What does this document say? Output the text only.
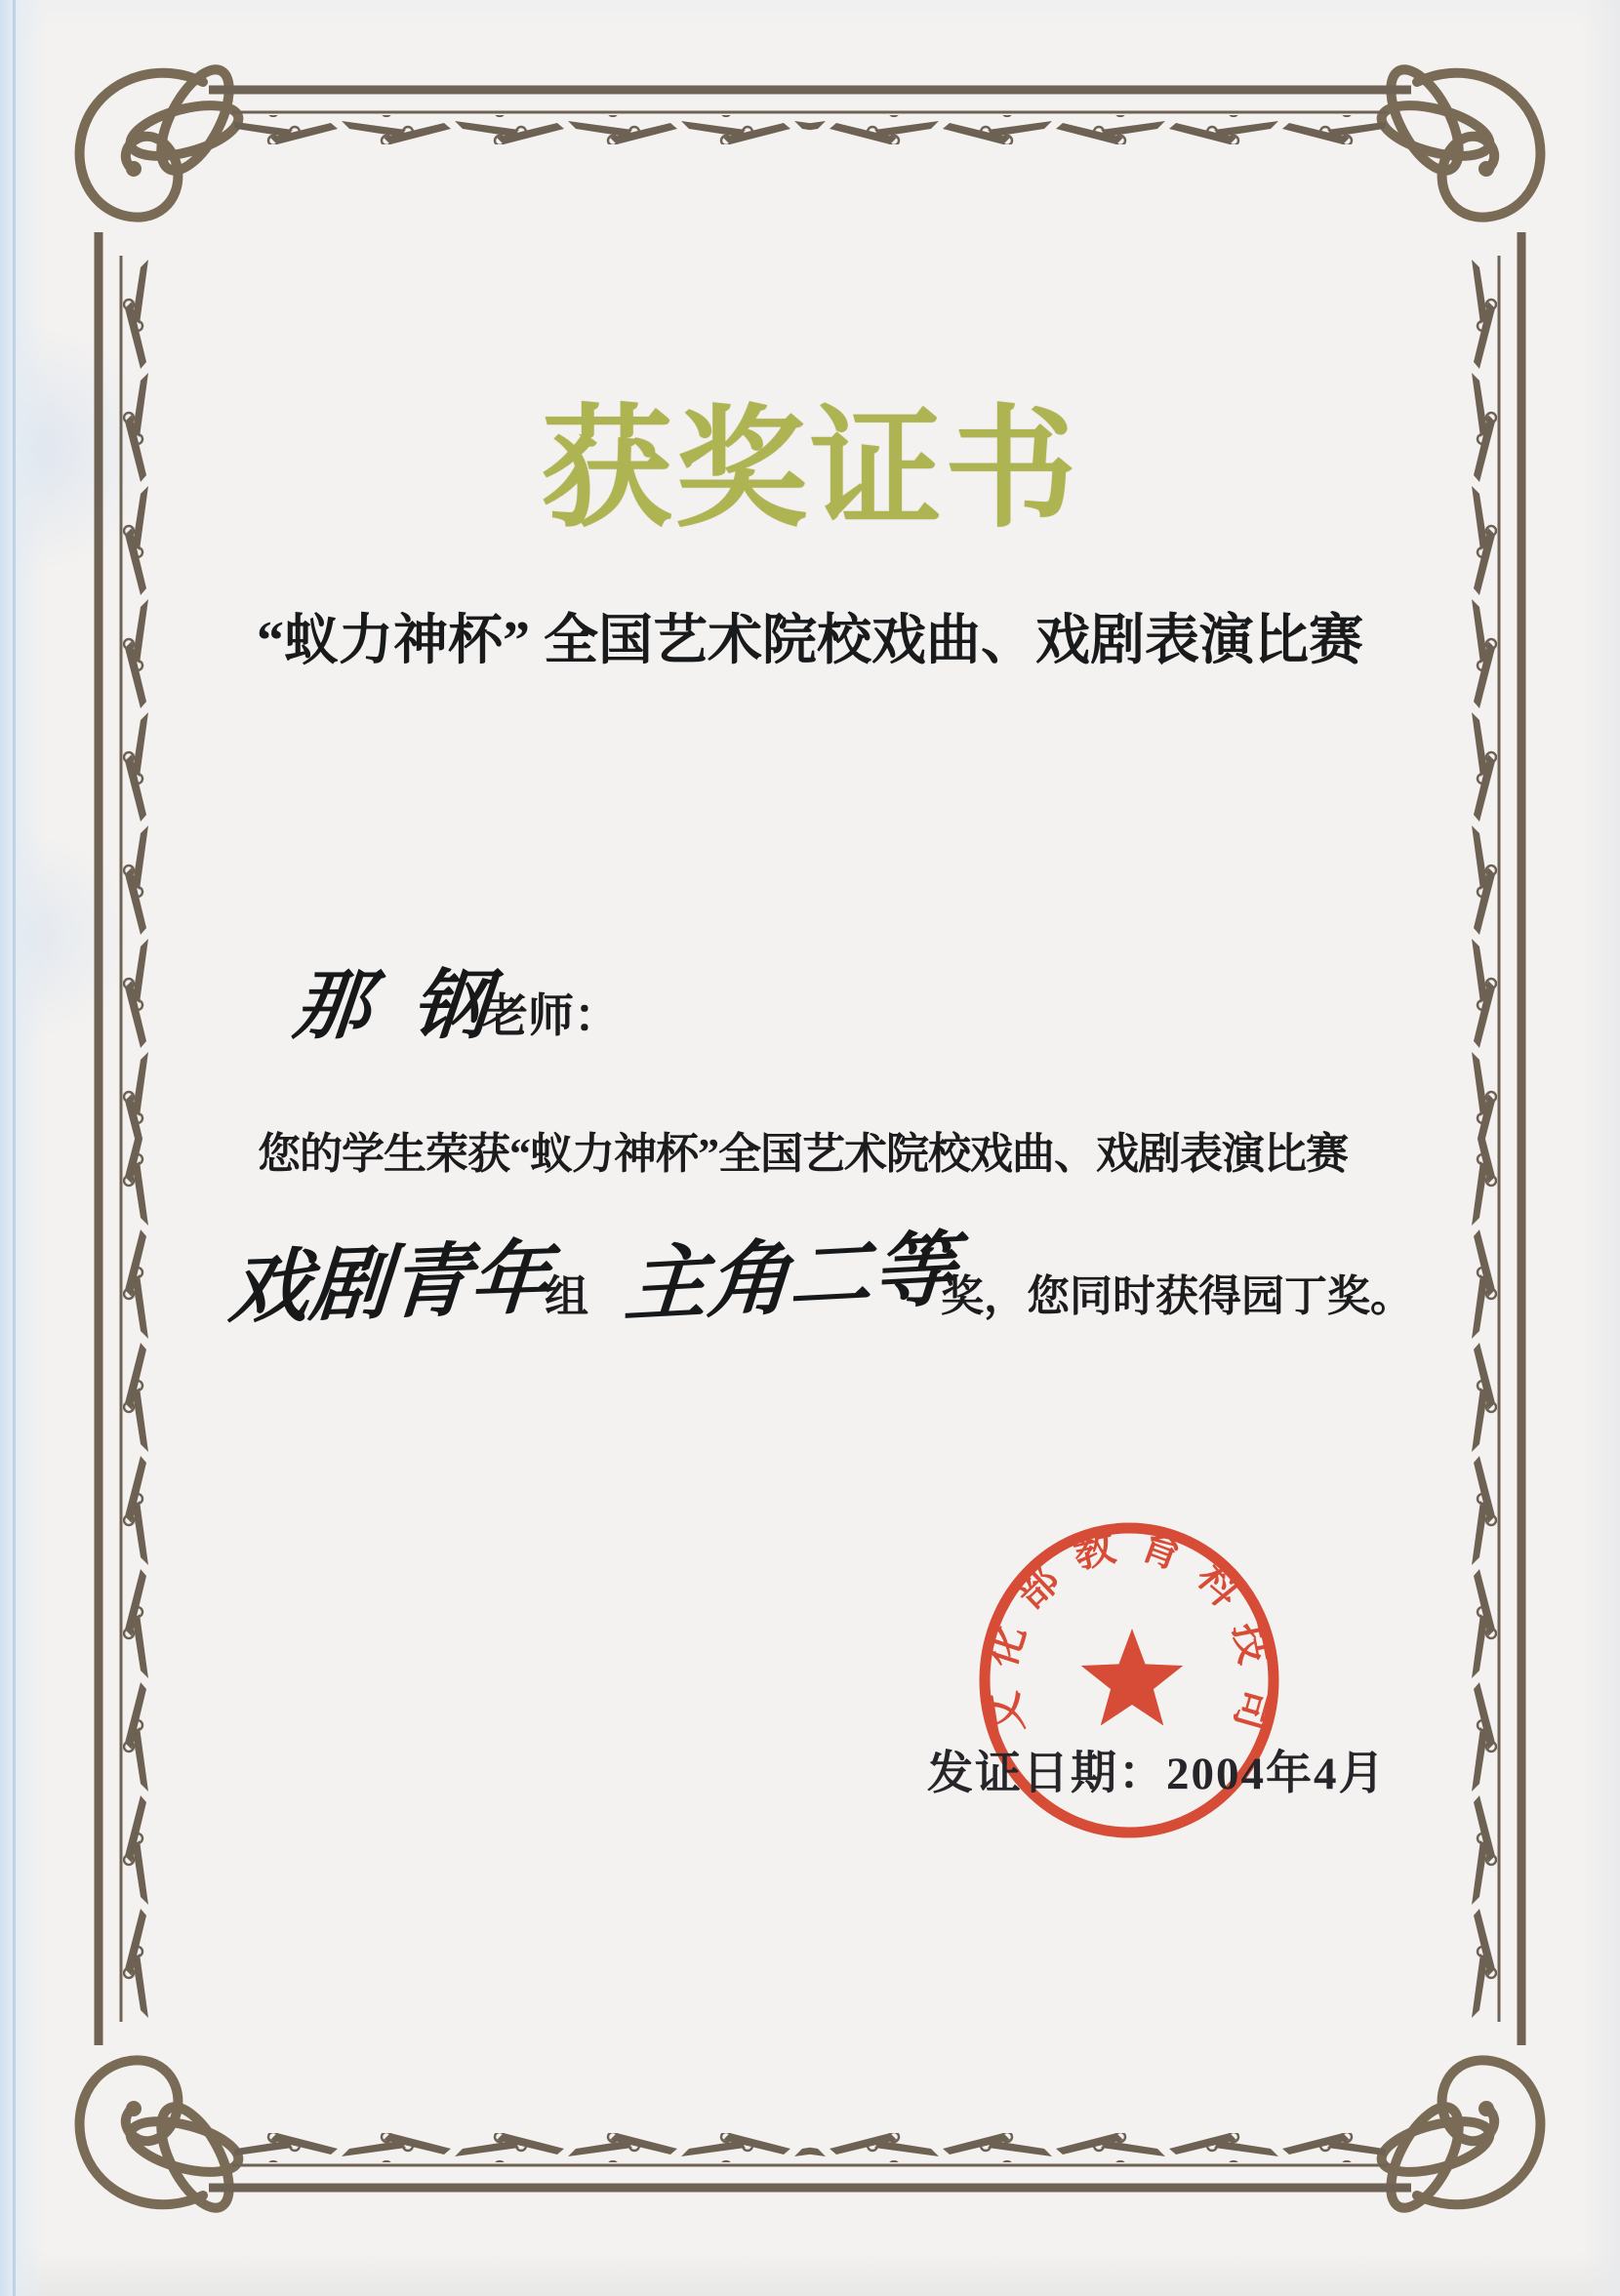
获奖证书
“蚁力神杯” 全国艺术院校戏曲、戏剧表演比赛
那 钢
老师：
您的学生荣获“蚁力神杯”全国艺术院校戏曲、戏剧表演比赛
戏剧青年
组 主角二等
奖，您同时获得园丁奖。
文化部教育科技司
发证日期：2004年4月
